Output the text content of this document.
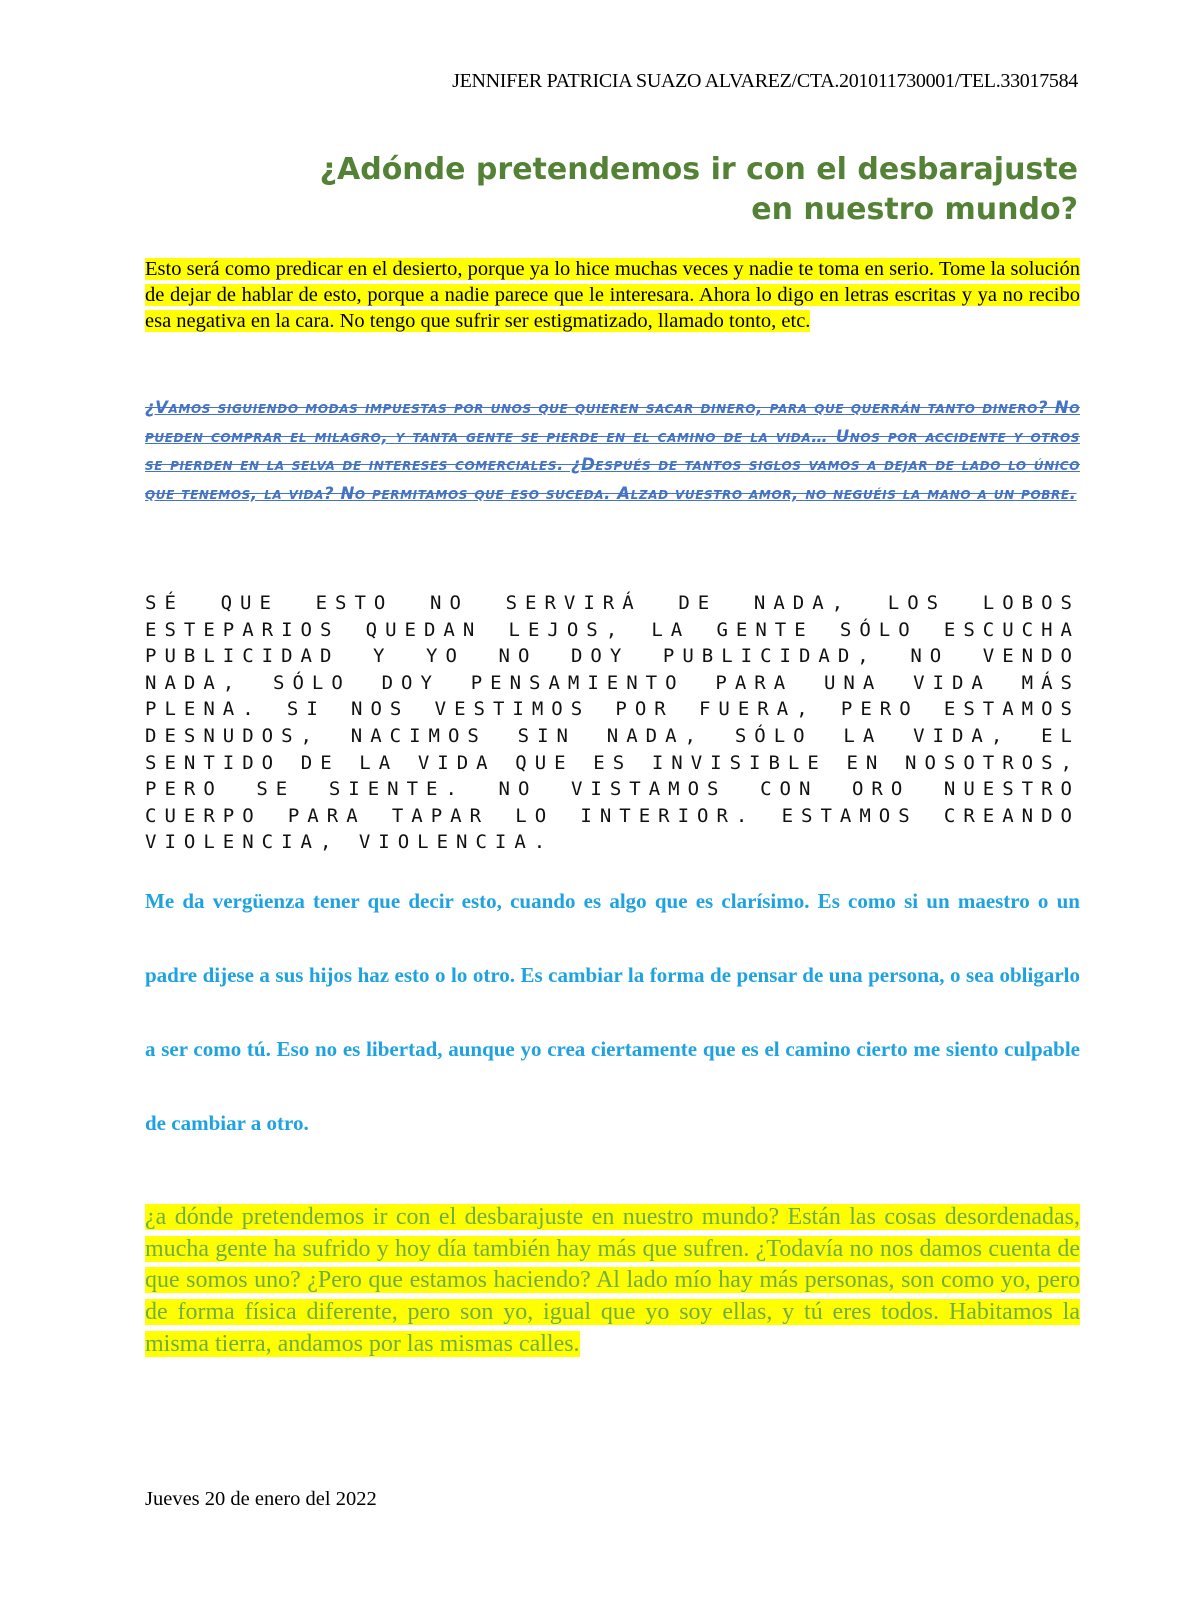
JENNIFER PATRICIA SUAZO ALVAREZ/CTA.201011730001/TEL.33017584
¿Adónde pretendemos ir con el desbarajuste
en nuestro mundo?
Esto será como predicar en el desierto, porque ya lo hice muchas veces y nadie te toma en serio. Tome la solución de dejar de hablar de esto, porque a nadie parece que le interesara. Ahora lo digo en letras escritas y ya no recibo esa negativa en la cara. No tengo que sufrir ser estigmatizado, llamado tonto, etc.
¿Vamos siguiendo modas impuestas por unos que quieren sacar dinero, para que querrán tanto dinero? No pueden comprar el milagro, y tanta gente se pierde en el camino de la vida… Unos por accidente y otros se pierden en la selva de intereses comerciales. ¿Después de tantos siglos vamos a dejar de lado lo único que tenemos, la vida? No permitamos que eso suceda. Alzad vuestro amor, no neguéis la mano a un pobre.
SÉ QUE ESTO NO SERVIRÁ DE NADA, LOS LOBOS ESTEPARIOS QUEDAN LEJOS, LA GENTE SÓLO ESCUCHA PUBLICIDAD Y YO NO DOY PUBLICIDAD, NO VENDO NADA, SÓLO DOY PENSAMIENTO PARA UNA VIDA MÁS PLENA. SI NOS VESTIMOS POR FUERA, PERO ESTAMOS DESNUDOS, NACIMOS SIN NADA, SÓLO LA VIDA, EL SENTIDO DE LA VIDA QUE ES INVISIBLE EN NOSOTROS, PERO SE SIENTE. NO VISTAMOS CON ORO NUESTRO CUERPO PARA TAPAR LO INTERIOR. ESTAMOS CREANDO VIOLENCIA, VIOLENCIA.
Me da vergüenza tener que decir esto, cuando es algo que es clarísimo. Es como si un maestro o un padre dijese a sus hijos haz esto o lo otro. Es cambiar la forma de pensar de una persona, o sea obligarlo a ser como tú. Eso no es libertad, aunque yo crea ciertamente que es el camino cierto me siento culpable de cambiar a otro.
¿a dónde pretendemos ir con el desbarajuste en nuestro mundo? Están las cosas desordenadas, mucha gente ha sufrido y hoy día también hay más que sufren. ¿Todavía no nos damos cuenta de que somos uno? ¿Pero que estamos haciendo? Al lado mío hay más personas, son como yo, pero de forma física diferente, pero son yo, igual que yo soy ellas, y tú eres todos. Habitamos la misma tierra, andamos por las mismas calles.
Jueves 20 de enero del 2022
